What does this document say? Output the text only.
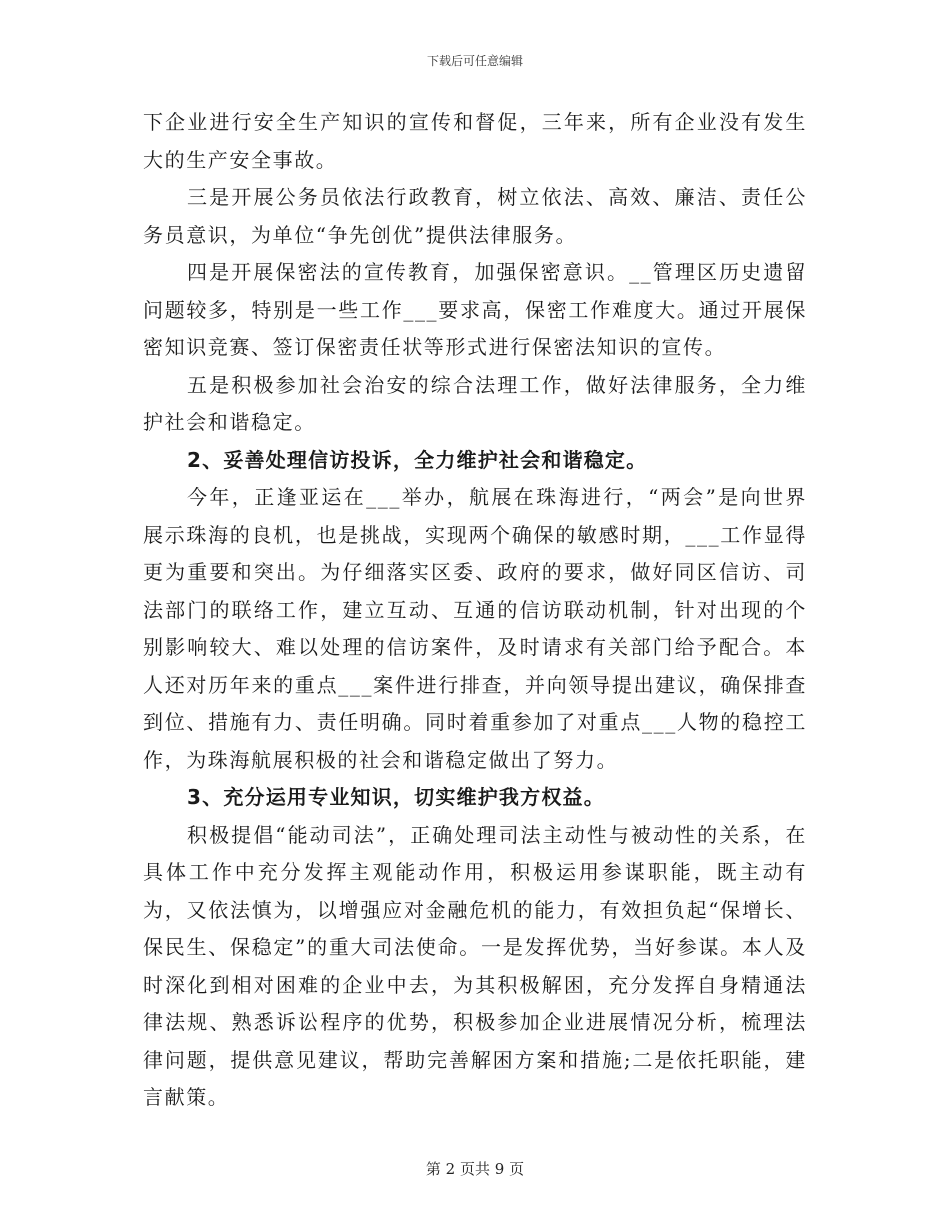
下载后可任意编辑

下企业进行安全生产知识的宣传和督促，三年来，所有企业没有发生大的生产安全事故。

三是开展公务员依法行政教育，树立依法、高效、廉洁、责任公务员意识，为单位“争先创优”提供法律服务。

四是开展保密法的宣传教育，加强保密意识。__管理区历史遗留问题较多，特别是一些工作___要求高，保密工作难度大。通过开展保密知识竞赛、签订保密责任状等形式进行保密法知识的宣传。

五是积极参加社会治安的综合法理工作，做好法律服务，全力维护社会和谐稳定。

2、妥善处理信访投诉，全力维护社会和谐稳定。

今年，正逢亚运在___举办，航展在珠海进行，“两会”是向世界展示珠海的良机，也是挑战，实现两个确保的敏感时期，___工作显得更为重要和突出。为仔细落实区委、政府的要求，做好同区信访、司法部门的联络工作，建立互动、互通的信访联动机制，针对出现的个别影响较大、难以处理的信访案件，及时请求有关部门给予配合。本人还对历年来的重点___案件进行排查，并向领导提出建议，确保排查到位、措施有力、责任明确。同时着重参加了对重点___人物的稳控工作，为珠海航展积极的社会和谐稳定做出了努力。

3、充分运用专业知识，切实维护我方权益。

积极提倡“能动司法”，正确处理司法主动性与被动性的关系，在具体工作中充分发挥主观能动作用，积极运用参谋职能，既主动有为，又依法慎为，以增强应对金融危机的能力，有效担负起“保增长、保民生、保稳定”的重大司法使命。一是发挥优势，当好参谋。本人及时深化到相对困难的企业中去，为其积极解困，充分发挥自身精通法律法规、熟悉诉讼程序的优势，积极参加企业进展情况分析，梳理法律问题，提供意见建议，帮助完善解困方案和措施;二是依托职能，建言献策。

第 2 页共 9 页
